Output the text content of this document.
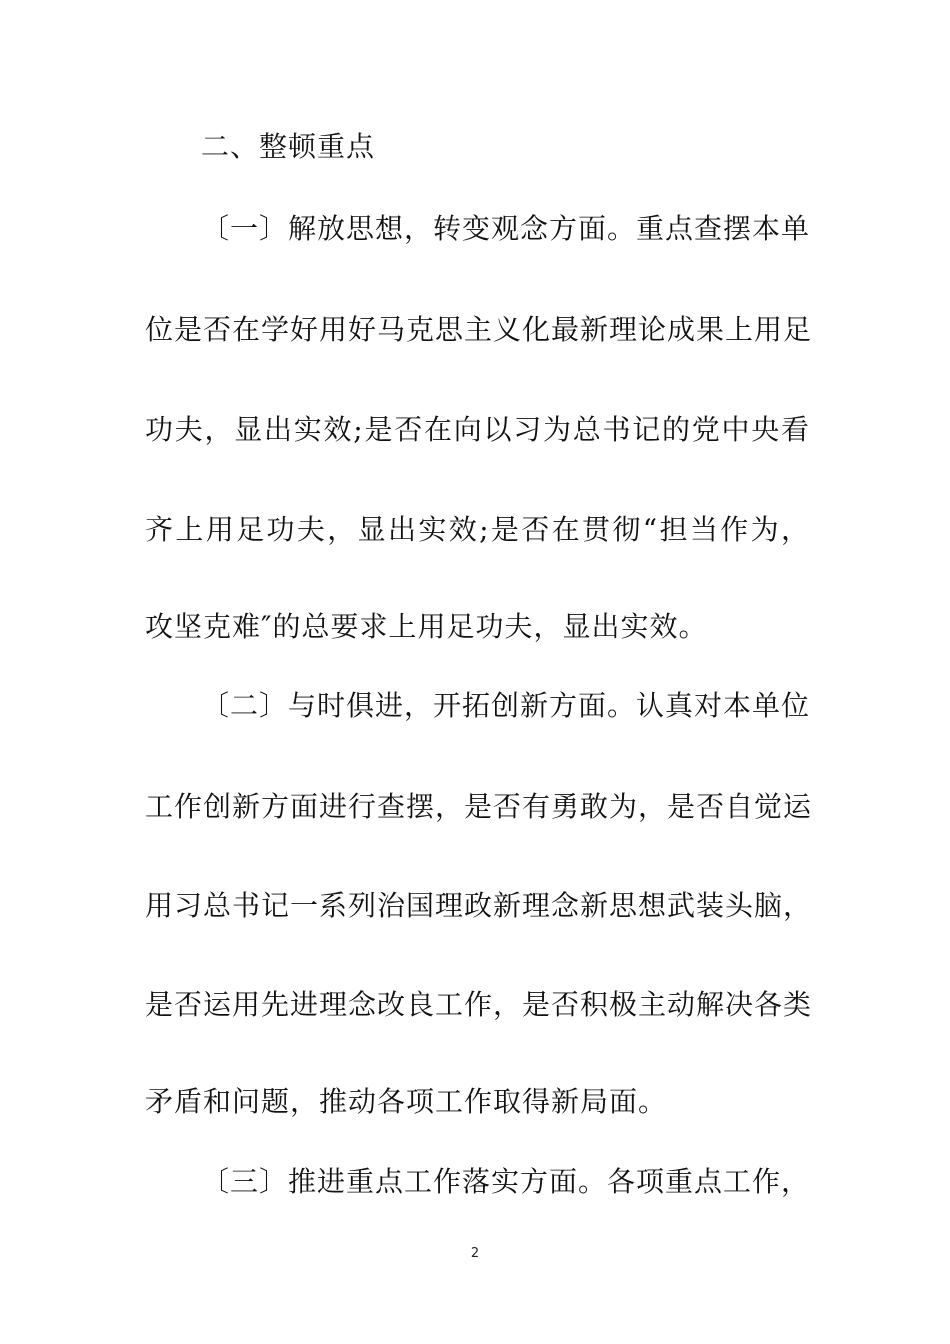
二、整顿重点
〔一〕解放思想，转变观念方面。重点查摆本单
位是否在学好用好马克思主义化最新理论成果上用足
功夫，显出实效;是否在向以习为总书记的党中央看
齐上用足功夫，显出实效;是否在贯彻“担当作为，
攻坚克难″的总要求上用足功夫，显出实效。
〔二〕与时俱进，开拓创新方面。认真对本单位
工作创新方面进行查摆，是否有勇敢为，是否自觉运
用习总书记一系列治国理政新理念新思想武装头脑，
是否运用先进理念改良工作，是否积极主动解决各类
矛盾和问题，推动各项工作取得新局面。
〔三〕推进重点工作落实方面。各项重点工作，
2
